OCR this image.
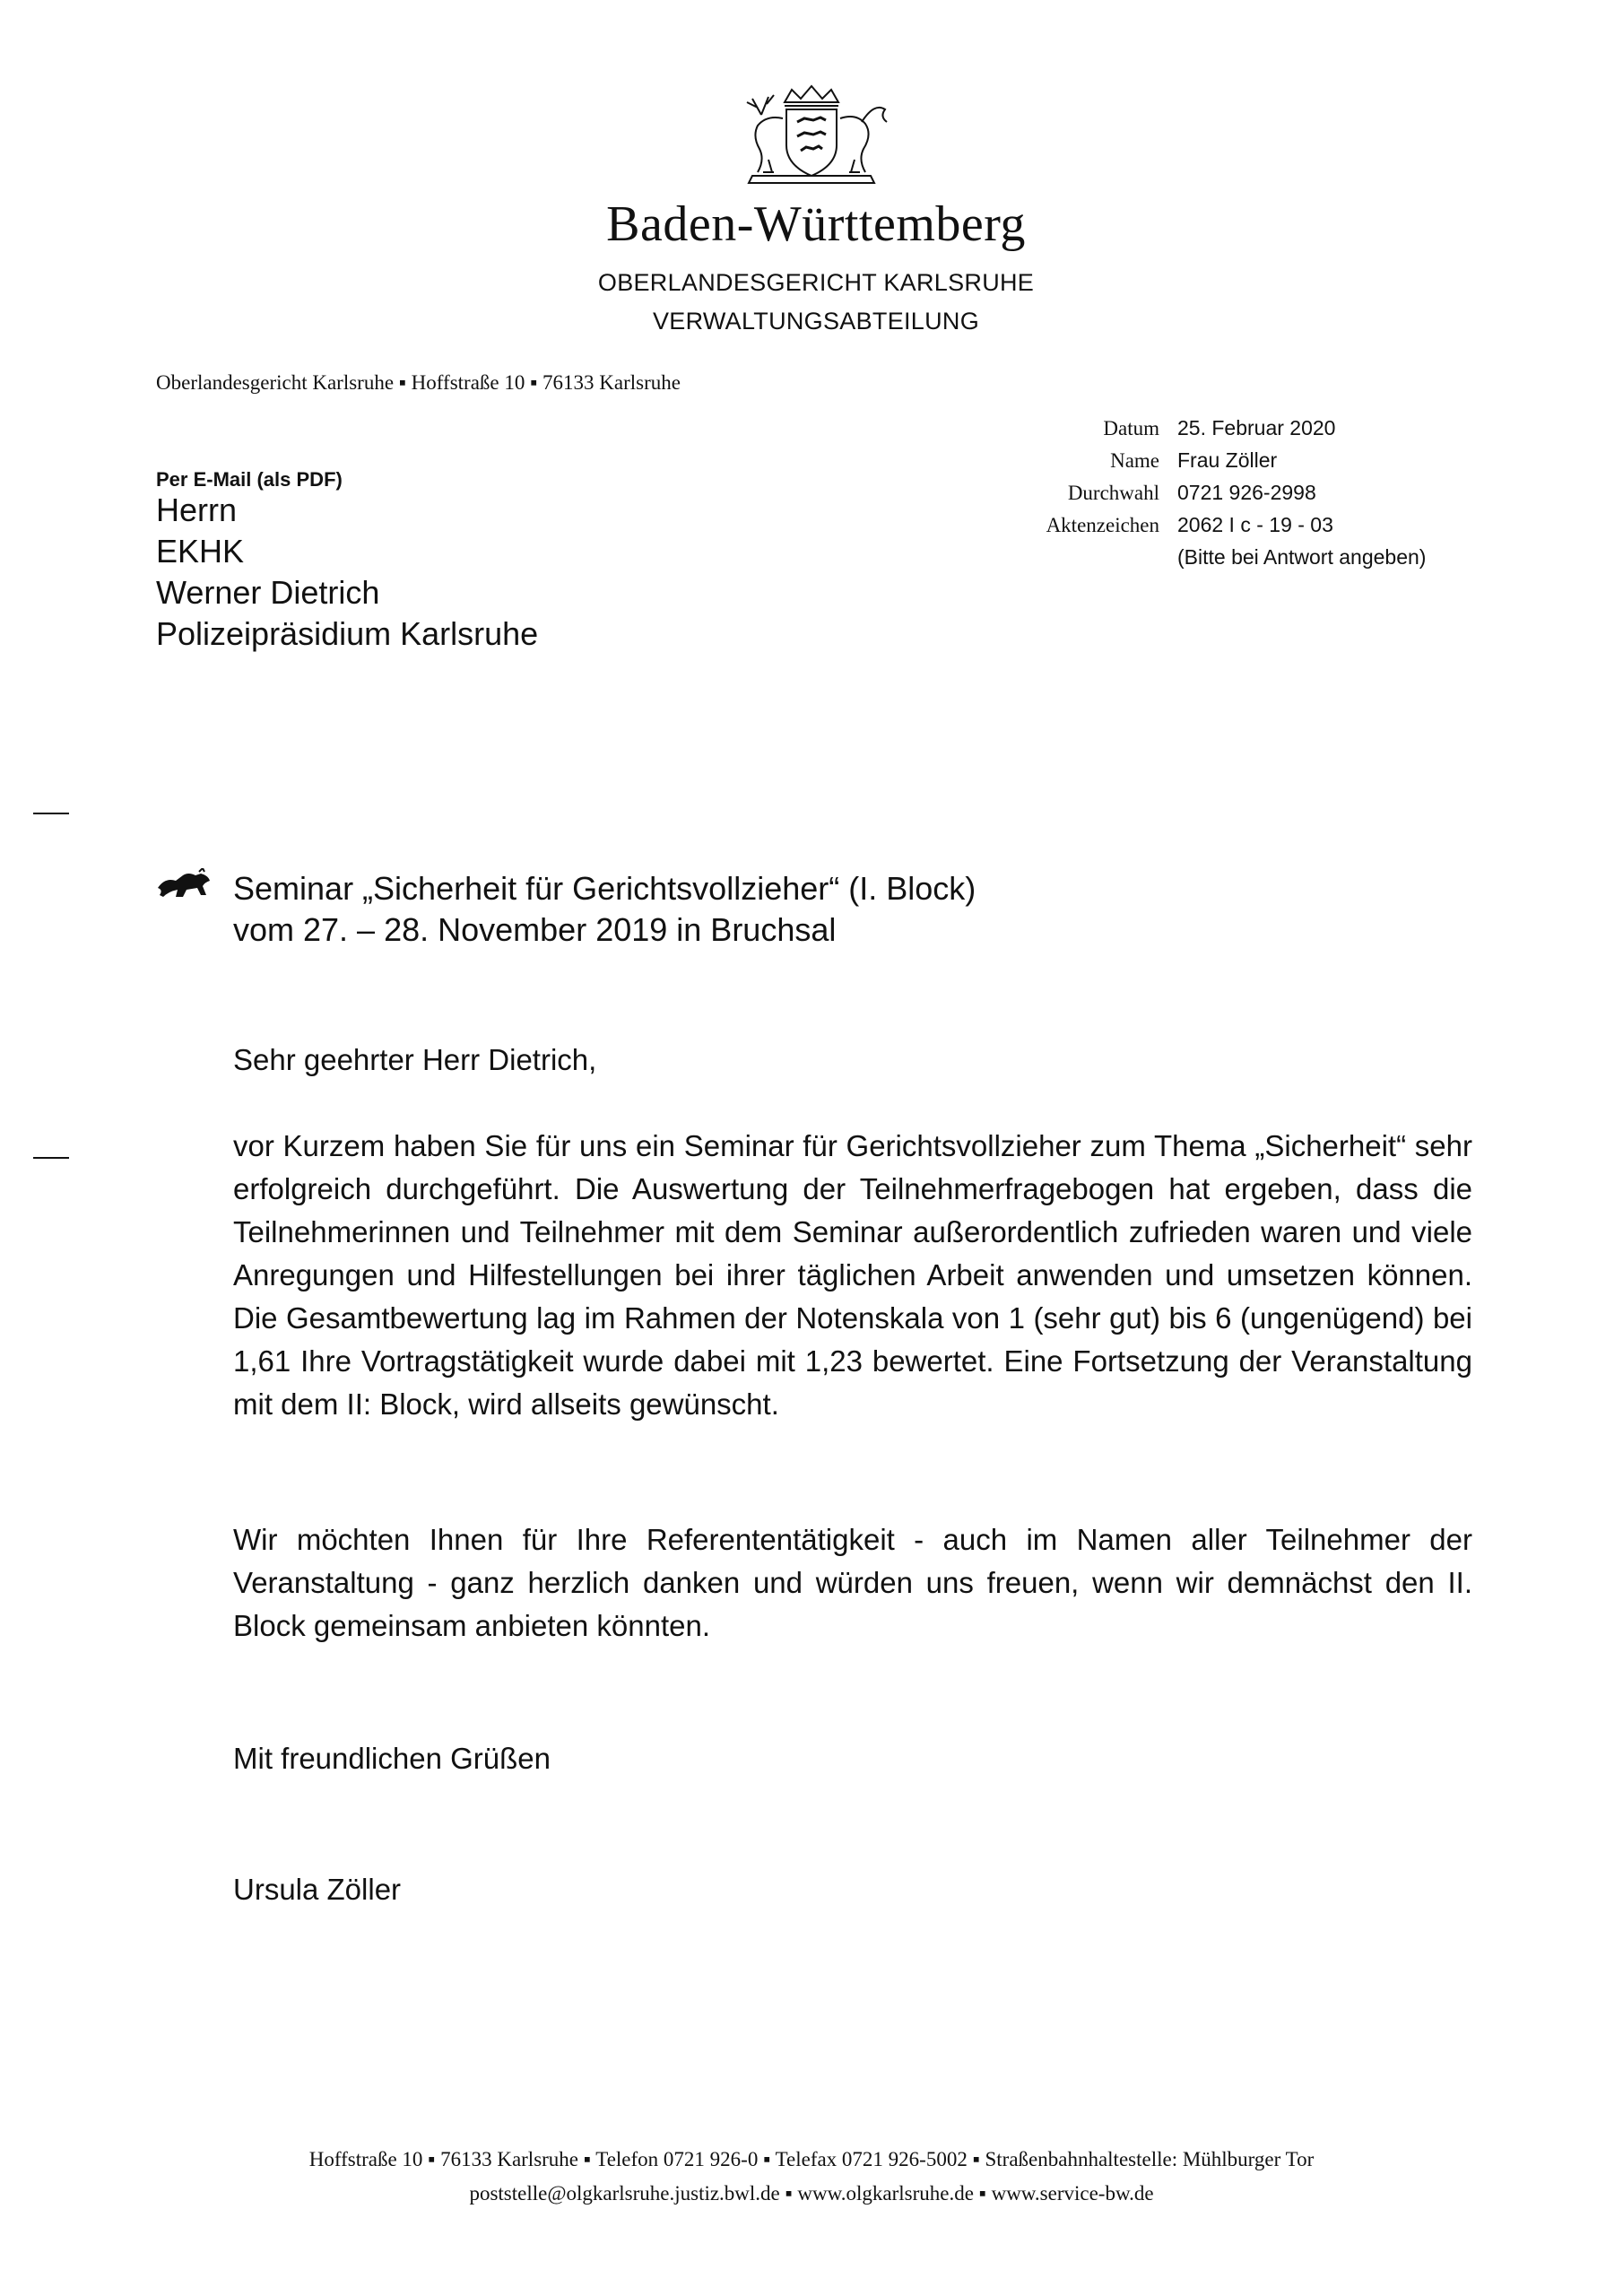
Baden-Württemberg
OBERLANDESGERICHT KARLSRUHE
VERWALTUNGSABTEILUNG
Oberlandesgericht Karlsruhe ▪ Hoffstraße 10 ▪ 76133 Karlsruhe
Datum 25. Februar 2020
Name Frau Zöller
Durchwahl 0721 926-2998
Aktenzeichen 2062 I c - 19 - 03
(Bitte bei Antwort angeben)
Per E-Mail (als PDF)
Herrn
EKHK
Werner Dietrich
Polizeipräsidium Karlsruhe
Seminar „Sicherheit für Gerichtsvollzieher“ (I. Block)
vom 27. – 28. November 2019 in Bruchsal
Sehr geehrter Herr Dietrich,
vor Kurzem haben Sie für uns ein Seminar für Gerichtsvollzieher zum Thema „Sicherheit“ sehr erfolgreich durchgeführt. Die Auswertung der Teilnehmerfragebogen hat ergeben, dass die Teilnehmerinnen und Teilnehmer mit dem Seminar außerordentlich zufrieden waren und viele Anregungen und Hilfestellungen bei ihrer täglichen Arbeit anwenden und umsetzen können. Die Gesamtbewertung lag im Rahmen der Notenskala von 1 (sehr gut) bis 6 (ungenügend) bei 1,61 Ihre Vortragstätigkeit wurde dabei mit 1,23 bewertet. Eine Fortsetzung der Veranstaltung mit dem II: Block, wird allseits gewünscht.
Wir möchten Ihnen für Ihre Referententätigkeit - auch im Namen aller Teilnehmer der Veranstaltung - ganz herzlich danken und würden uns freuen, wenn wir demnächst den II. Block gemeinsam anbieten könnten.
Mit freundlichen Grüßen
Ursula Zöller
Hoffstraße 10 ▪ 76133 Karlsruhe ▪ Telefon 0721 926-0 ▪ Telefax 0721 926-5002 ▪ Straßenbahnhaltestelle: Mühlburger Tor
poststelle@olgkarlsruhe.justiz.bwl.de ▪ www.olgkarlsruhe.de ▪ www.service-bw.de
